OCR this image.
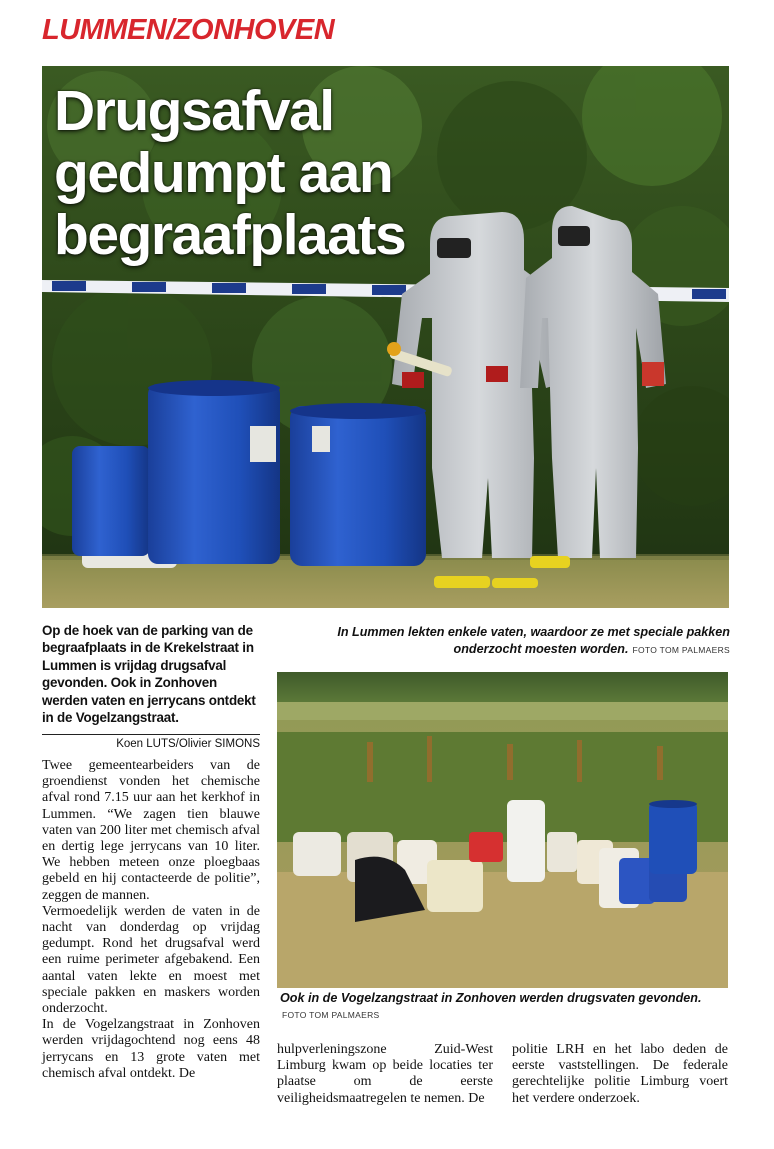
LUMMEN/ZONHOVEN
Drugsafval
gedumpt aan
begraafplaats
Op de hoek van de parking van de begraafplaats in de Krekelstraat in Lummen is vrijdag drugsafval gevonden. Ook in Zonhoven werden vaten en jerrycans ontdekt in de Vogelzangstraat.
Koen LUTS/Olivier SIMONS

Twee gemeentearbeiders van de groendienst vonden het chemische afval rond 7.15 uur aan het kerkhof in Lummen. “We zagen tien blauwe vaten van 200 liter met chemisch afval en dertig lege jerrycans van 10 liter. We hebben meteen onze ploegbaas gebeld en hij contacteerde de politie”, zeggen de mannen.

Vermoedelijk werden de vaten in de nacht van donderdag op vrijdag gedumpt. Rond het drugsafval werd een ruime perimeter afgebakend. Een aantal vaten lekte en moest met speciale pakken en maskers worden onderzocht.

In de Vogelzangstraat in Zonhoven werden vrijdagochtend nog eens 48 jerrycans en 13 grote vaten met chemisch afval ontdekt. De

hulpverleningszone Zuid-West Limburg kwam op beide locaties ter plaatse om de eerste veiligheidsmaatregelen te nemen. De

politie LRH en het labo deden de eerste vaststellingen. De federale gerechtelijke politie Limburg voert het verdere onderzoek.

In Lummen lekten enkele vaten, waardoor ze met speciale pakken onderzocht moesten worden. FOTO TOM PALMAERS
Ook in de Vogelzangstraat in Zonhoven werden drugsvaten gevonden.
FOTO TOM PALMAERS
